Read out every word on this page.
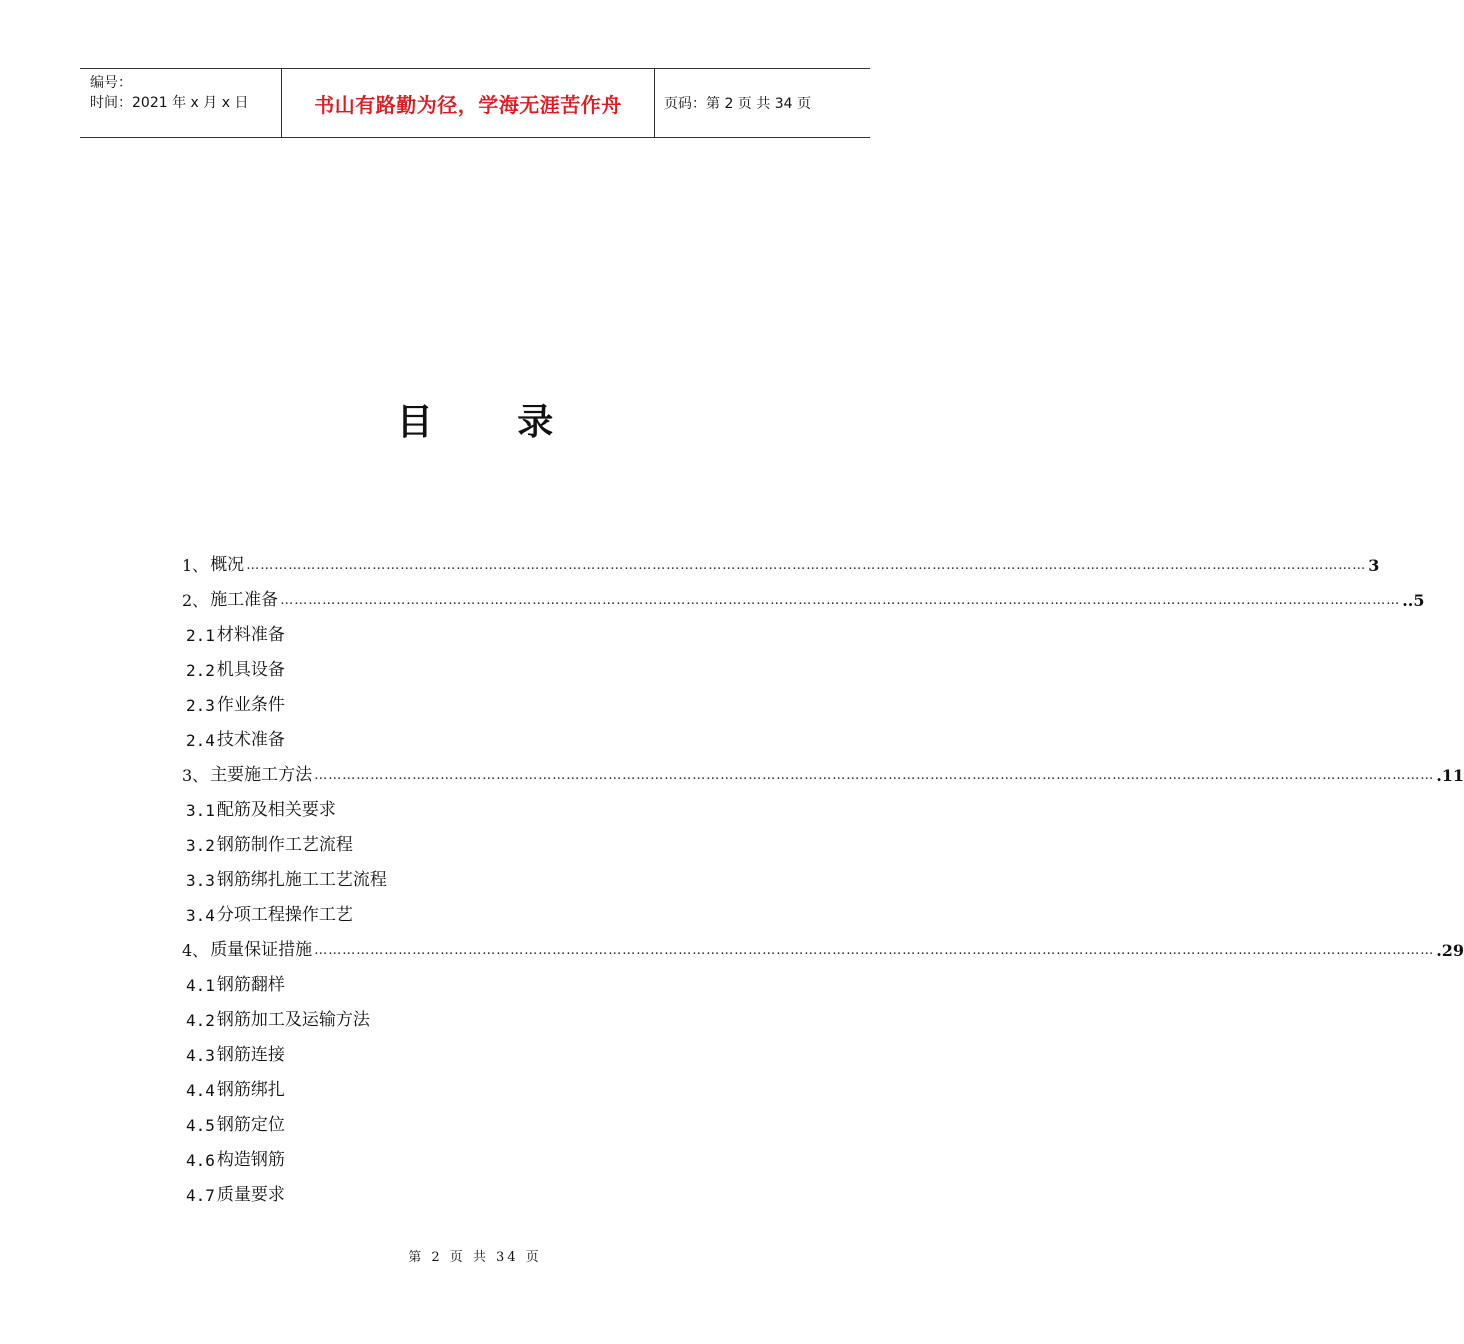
编号：
时间：2021 年 x 月 x 日	书山有路勤为径，学海无涯苦作舟	页码：第 2 页 共 34 页
目 录
1、 概况 …………………………………………………………………………………………………………………………………………………………………………………………………………………… 3
2、 施工准备 …………………………………………………………………………………………………………………………………………………………………………………………………………………… ..5
2.1 材料准备
2.2 机具设备
2.3 作业条件
2.4 技术准备
3、 主要施工方法 …………………………………………………………………………………………………………………………………………………………………………………………………………………… .11
3.1 配筋及相关要求
3.2 钢筋制作工艺流程
3.3 钢筋绑扎施工工艺流程
3.4 分项工程操作工艺
4、 质量保证措施 …………………………………………………………………………………………………………………………………………………………………………………………………………………… .29
4.1 钢筋翻样
4.2 钢筋加工及运输方法
4.3 钢筋连接
4.4 钢筋绑扎
4.5 钢筋定位
4.6 构造钢筋
4.7 质量要求
第 2 页 共 34 页
